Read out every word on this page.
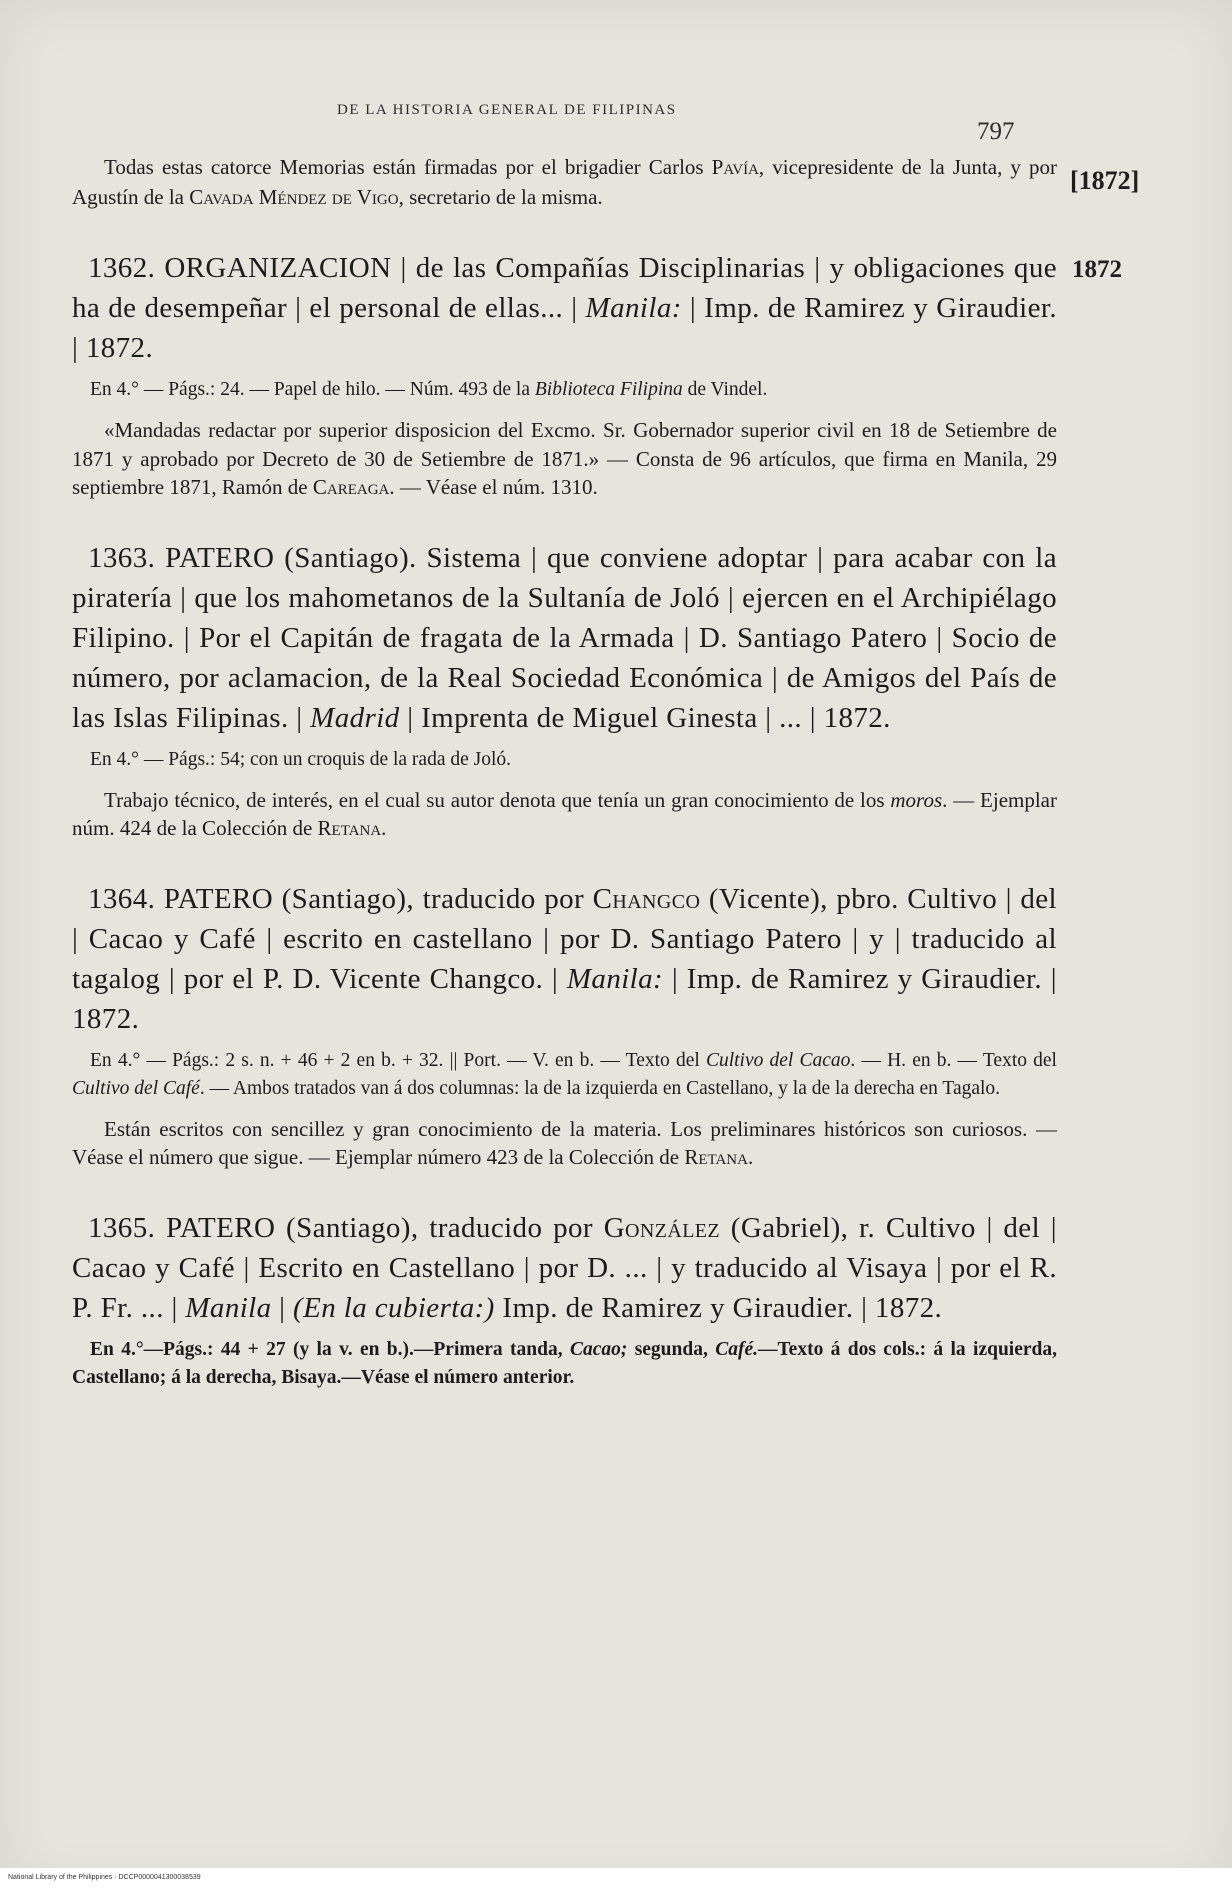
DE LA HISTORIA GENERAL DE FILIPINAS
797

Todas estas catorce Memorias están firmadas por el brigadier Carlos Pavía, vicepresidente de la Junta, y por Agustín de la Cavada Méndez de Vigo, secretario de la misma.

[1872]

1362. ORGANIZACION | de las Compañías Disciplinarias | y obligaciones que ha de desempeñar | el personal de ellas... | Manila: | Imp. de Ramirez y Giraudier. | 1872.

1872

En 4.° — Págs.: 24. — Papel de hilo. — Núm. 493 de la Biblioteca Filipina de Vindel.

«Mandadas redactar por superior disposicion del Excmo. Sr. Gobernador superior civil en 18 de Setiembre de 1871 y aprobado por Decreto de 30 de Setiembre de 1871.» — Consta de 96 artículos, que firma en Manila, 29 septiembre 1871, Ramón de Careaga. — Véase el núm. 1310.

1363. PATERO (Santiago). Sistema | que conviene adoptar | para acabar con la piratería | que los mahometanos de la Sultanía de Joló | ejercen en el Archipiélago Filipino. | Por el Capitán de fragata de la Armada | D. Santiago Patero | Socio de número, por aclamacion, de la Real Sociedad Económica | de Amigos del País de las Islas Filipinas. | Madrid | Imprenta de Miguel Ginesta | ... | 1872.

En 4.° — Págs.: 54; con un croquis de la rada de Joló.

Trabajo técnico, de interés, en el cual su autor denota que tenía un gran conocimiento de los moros. — Ejemplar núm. 424 de la Colección de Retana.

1364. PATERO (Santiago), traducido por Changco (Vicente), pbro. Cultivo | del | Cacao y Café | escrito en castellano | por D. Santiago Patero | y | traducido al tagalog | por el P. D. Vicente Changco. | Manila: | Imp. de Ramirez y Giraudier. | 1872.

En 4.° — Págs.: 2 s. n. + 46 + 2 en b. + 32. || Port. — V. en b. — Texto del Cultivo del Cacao. — H. en b. — Texto del Cultivo del Café. — Ambos tratados van á dos columnas: la de la izquierda en Castellano, y la de la derecha en Tagalo.

Están escritos con sencillez y gran conocimiento de la materia. Los preliminares históricos son curiosos. — Véase el número que sigue. — Ejemplar número 423 de la Colección de Retana.

1365. PATERO (Santiago), traducido por González (Gabriel), r. Cultivo | del | Cacao y Café | Escrito en Castellano | por D. ... | y traducido al Visaya | por el R. P. Fr. ... | Manila | (En la cubierta:) Imp. de Ramirez y Giraudier. | 1872.

En 4.°—Págs.: 44 + 27 (y la v. en b.).—Primera tanda, Cacao; segunda, Café.—Texto á dos cols.: á la izquierda, Castellano; á la derecha, Bisaya.—Véase el número anterior.

National Library of the Philippines · DCCP0000041300038539
